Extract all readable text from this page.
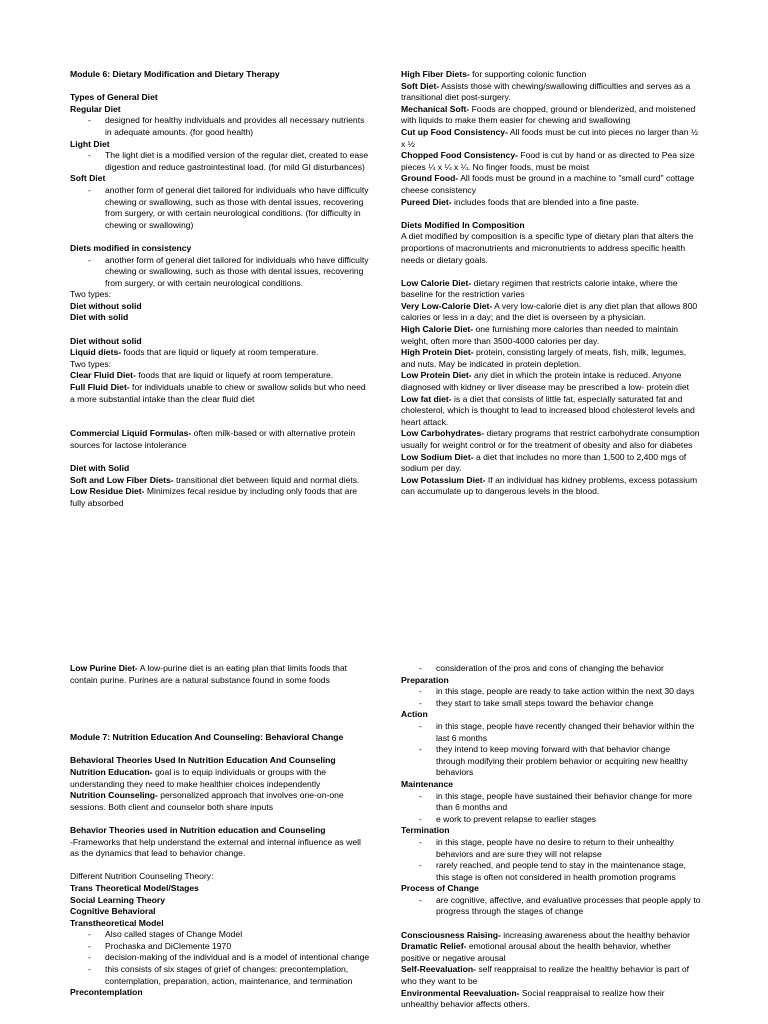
Module 6: Dietary Modification and Dietary Therapy

Types of General Diet

Regular Diet

- designed for healthy individuals and provides all necessary nutrients in adequate amounts. (for good health)

Light Diet

- The light diet is a modified version of the regular diet, created to ease digestion and reduce gastrointestinal load. (for mild GI disturbances)

Soft Diet

- another form of general diet tailored for individuals who have difficulty chewing or swallowing, such as those with dental issues, recovering from surgery, or with certain neurological conditions. (for difficulty in chewing or swallowing)

Diets modified in consistency

- another form of general diet tailored for individuals who have difficulty chewing or swallowing, such as those with dental issues, recovering from surgery, or with certain neurological conditions.

Two types:

Diet without solid

Diet with solid

Diet without solid

Liquid diets- foods that are liquid or liquefy at room temperature.

Two types:

Clear Fluid Diet- foods that are liquid or liquefy at room temperature.

Full Fluid Diet- for individuals unable to chew or swallow solids but who need a more substantial intake than the clear fluid diet

Commercial Liquid Formulas- often milk-based or with alternative protein sources for lactose intolerance

Diet with Solid

Soft and Low Fiber Diets- transitional diet between liquid and normal diets.

Low Residue Diet- Minimizes fecal residue by including only foods that are fully absorbed

High Fiber Diets- for supporting colonic function

Soft Diet- Assists those with chewing/swallowing difficulties and serves as a transitional diet post-surgery.

Mechanical Soft- Foods are chopped, ground or blenderized, and moistened with liquids to make them easier for chewing and swallowing

Cut up Food Consistency- All foods must be cut into pieces no larger than ½ x ½

Chopped Food Consistency- Food is cut by hand or as directed to Pea size pieces ¼ x ¼ x ¼. No finger foods, must be moist

Ground Food- All foods must be ground in a machine to "small curd" cottage cheese consistency

Pureed Diet- includes foods that are blended into a fine paste.

Diets Modified In Composition

A diet modified by composition is a specific type of dietary plan that alters the proportions of macronutrients and micronutrients to address specific health needs or dietary goals.

Low Calorie Diet- dietary regimen that restricts calorie intake, where the baseline for the restriction varies

Very Low-Calorie Diet- A very low-calorie diet is any diet plan that allows 800 calories or less in a day; and the diet is overseen by a physician.

High Calorie Diet- one furnishing more calories than needed to maintain weight, often more than 3500-4000 calories per day.

High Protein Diet- protein, consisting largely of meats, fish, milk, legumes, and nuts. May be indicated in protein depletion.

Low Protein Diet- any diet in which the protein intake is reduced. Anyone diagnosed with kidney or liver disease may be prescribed a low- protein diet

Low fat diet- is a diet that consists of little fat, especially saturated fat and cholesterol, which is thought to lead to increased blood cholesterol levels and heart attack.

Low Carbohydrates- dietary programs that restrict carbohydrate consumption usually for weight control or for the treatment of obesity and also for diabetes

Low Sodium Diet- a diet that includes no more than 1,500 to 2,400 mgs of sodium per day.

Low Potassium Diet- If an individual has kidney problems, excess potassium can accumulate up to dangerous levels in the blood.

Low Purine Diet- A low-purine diet is an eating plan that limits foods that contain purine. Purines are a natural substance found in some foods

Module 7: Nutrition Education And Counseling: Behavioral Change

Behavioral Theories Used In Nutrition Education And Counseling

Nutrition Education- goal is to equip individuals or groups with the understanding they need to make healthier choices independently

Nutrition Counseling- personalized approach that involves one-on-one sessions. Both client and counselor both share inputs

Behavior Theories used in Nutrition education and Counseling

-Frameworks that help understand the external and internal influence as well as the dynamics that lead to behavior change.

Different Nutrition Counseling Theory:

Trans Theoretical Model/Stages

Social Learning Theory

Cognitive Behavioral

Transtheoretical Model

- Also called stages of Change Model
- Prochaska and DiClemente 1970
- decision-making of the individual and is a model of intentional change
- this consists of six stages of grief of changes: precontemplation, contemplation, preparation, action, maintenance, and termination

Precontemplation

- consideration of the pros and cons of changing the behavior

Preparation

- in this stage, people are ready to take action within the next 30 days
- they start to take small steps toward the behavior change

Action

- in this stage, people have recently changed their behavior within the last 6 months
- they intend to keep moving forward with that behavior change through modifying their problem behavior or acquiring new healthy behaviors

Maintenance

- in this stage, people have sustained their behavior change for more than 6 months and
- e work to prevent relapse to earlier stages

Termination

- in this stage, people have no desire to return to their unhealthy behaviors and are sure they will not relapse
- rarely reached, and people tend to stay in the maintenance stage, this stage is often not considered in health promotion programs

Process of Change

- are cognitive, affective, and evaluative processes that people apply to progress through the stages of change

Consciousness Raising- increasing awareness about the healthy behavior

Dramatic Relief- emotional arousal about the health behavior, whether positive or negative arousal

Self-Reevaluation- self reappraisal to realize the healthy behavior is part of who they want to be

Environmental Reevaluation- Social reappraisal to realize how their unhealthy behavior affects others.
